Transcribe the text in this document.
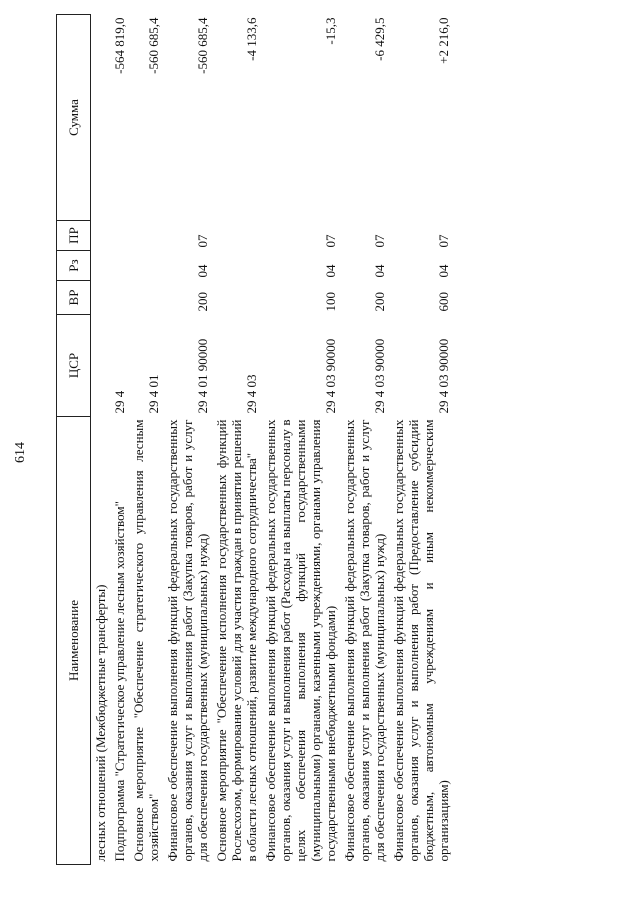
614
Наименование	ЦСР	ВР	Рз	ПР	Сумма
лесных отношений (Межбюджетные трансферты)					
Подпрограмма "Стратегическое управление лесным хозяйством"	29 4				-564 819,0
Основное мероприятие "Обеспечение стратегического управления лесным хозяйством"	29 4 01				-560 685,4
Финансовое обеспечение выполнения функций федеральных государственных органов, оказания услуг и выполнения работ (Закупка товаров, работ и услуг для обеспечения государственных (муниципальных) нужд)	29 4 01 90000	200	04	07	-560 685,4
Основное мероприятие "Обеспечение исполнения государственных функций Рослесхозом, формирование условий для участия граждан в принятии решений в области лесных отношений, развитие международного сотрудничества"	29 4 03				-4 133,6
Финансовое обеспечение выполнения функций федеральных государственных органов, оказания услуг и выполнения работ (Расходы на выплаты персоналу в целях обеспечения выполнения функций государственными (муниципальными) органами, казенными учреждениями, органами управления государственными внебюджетными фондами)	29 4 03 90000	100	04	07	-15,3
Финансовое обеспечение выполнения функций федеральных государственных органов, оказания услуг и выполнения работ (Закупка товаров, работ и услуг для обеспечения государственных (муниципальных) нужд)	29 4 03 90000	200	04	07	-6 429,5
Финансовое обеспечение выполнения функций федеральных государственных органов, оказания услуг и выполнения работ (Предоставление субсидий бюджетным, автономным учреждениям и иным некоммерческим организациям)	29 4 03 90000	600	04	07	+2 216,0
